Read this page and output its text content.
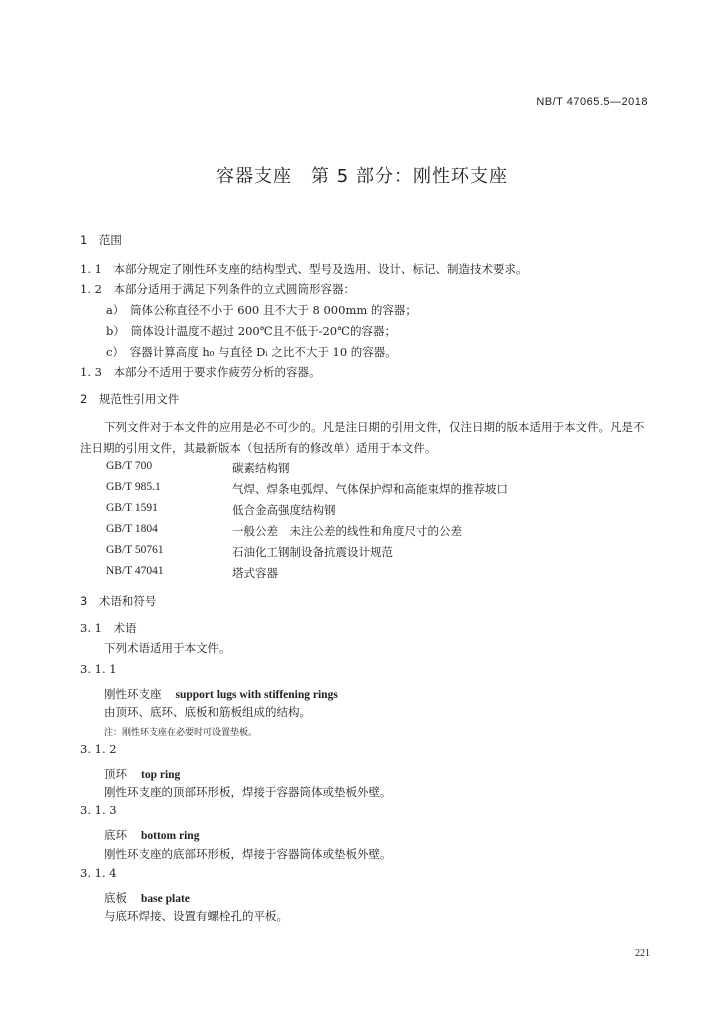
NB/T 47065.5—2018
容器支座　第 5 部分：刚性环支座
1　范围
1. 1　本部分规定了刚性环支座的结构型式、型号及选用、设计、标记、制造技术要求。
1. 2　本部分适用于满足下列条件的立式圆筒形容器：
a）　筒体公称直径不小于 600 且不大于 8 000mm 的容器；
b）　筒体设计温度不超过 200℃且不低于-20℃的容器；
c）　容器计算高度 h₀ 与直径 Dᵢ 之比不大于 10 的容器。
1. 3　本部分不适用于要求作疲劳分析的容器。
2　规范性引用文件
下列文件对于本文件的应用是必不可少的。凡是注日期的引用文件，仅注日期的版本适用于本文件。凡是不注日期的引用文件，其最新版本（包括所有的修改单）适用于本文件。
GB/T 700	碳素结构钢
GB/T 985.1	气焊、焊条电弧焊、气体保护焊和高能束焊的推荐坡口
GB/T 1591	低合金高强度结构钢
GB/T 1804	一般公差　未注公差的线性和角度尺寸的公差
GB/T 50761	石油化工钢制设备抗震设计规范
NB/T 47041	塔式容器
3　术语和符号
3. 1　术语
下列术语适用于本文件。
3. 1. 1
刚性环支座 support lugs with stiffening rings
由顶环、底环、底板和筋板组成的结构。
注：刚性环支座在必要时可设置垫板。
3. 1. 2
顶环 top ring
刚性环支座的顶部环形板，焊接于容器筒体或垫板外壁。
3. 1. 3
底环 bottom ring
刚性环支座的底部环形板，焊接于容器筒体或垫板外壁。
3. 1. 4
底板 base plate
与底环焊接、设置有螺栓孔的平板。
221
